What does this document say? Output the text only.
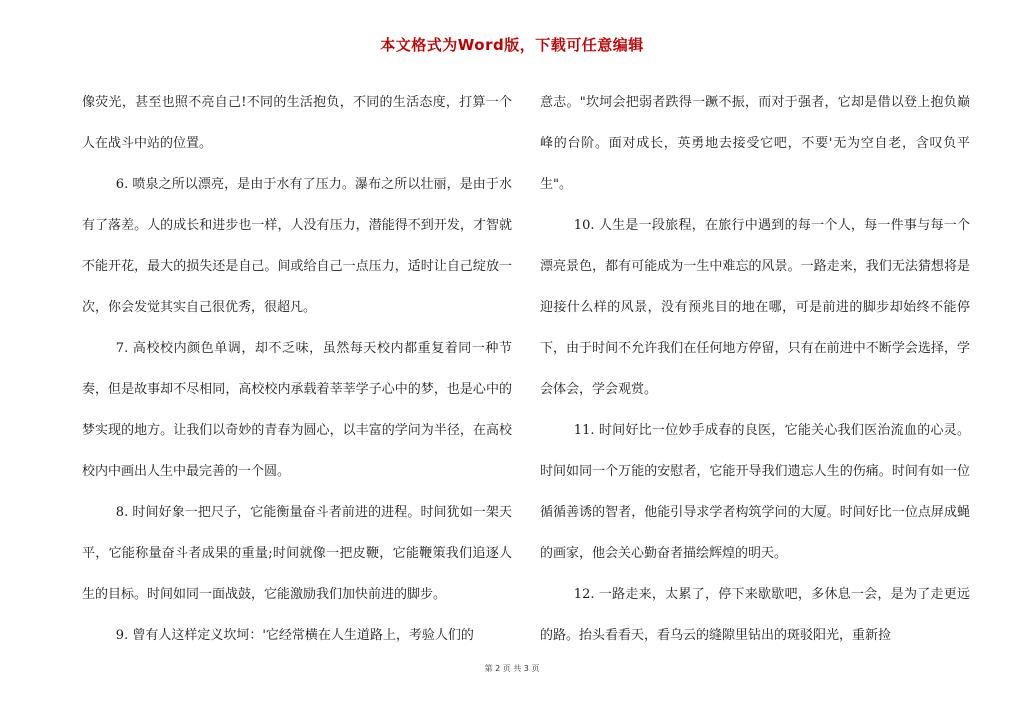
本文格式为Word版，下载可任意编辑

像荧光，甚至也照不亮自己!不同的生活抱负，不同的生活态度，打算一个人在战斗中站的位置。

6. 喷泉之所以漂亮，是由于水有了压力。瀑布之所以壮丽，是由于水有了落差。人的成长和进步也一样，人没有压力，潜能得不到开发，才智就不能开花，最大的损失还是自己。间或给自己一点压力，适时让自己绽放一次，你会发觉其实自己很优秀，很超凡。

7. 高校校内颜色单调，却不乏味，虽然每天校内都重复着同一种节奏，但是故事却不尽相同，高校校内承载着莘莘学子心中的梦，也是心中的梦实现的地方。让我们以奇妙的青春为圆心，以丰富的学问为半径，在高校校内中画出人生中最完善的一个圆。

8. 时间好象一把尺子，它能衡量奋斗者前进的进程。时间犹如一架天平，它能称量奋斗者成果的重量;时间就像一把皮鞭，它能鞭策我们追逐人生的目标。时间如同一面战鼓，它能激励我们加快前进的脚步。

9. 曾有人这样定义坎坷：'它经常横在人生道路上，考验人们的

意志。"坎坷会把弱者跌得一蹶不振，而对于强者，它却是借以登上抱负巅峰的台阶。面对成长，英勇地去接受它吧，不要'无为空自老，含叹负平生"。

10. 人生是一段旅程，在旅行中遇到的每一个人，每一件事与每一个漂亮景色，都有可能成为一生中难忘的风景。一路走来，我们无法猜想将是迎接什么样的风景，没有预兆目的地在哪，可是前进的脚步却始终不能停下，由于时间不允许我们在任何地方停留，只有在前进中不断学会选择，学会体会，学会观赏。

11. 时间好比一位妙手成春的良医，它能关心我们医治流血的心灵。时间如同一个万能的安慰者，它能开导我们遗忘人生的伤痛。时间有如一位循循善诱的智者，他能引导求学者构筑学问的大厦。时间好比一位点屏成蝇的画家，他会关心勤奋者描绘辉煌的明天。

12. 一路走来，太累了，停下来歇歇吧，多休息一会，是为了走更远的路。抬头看看天，看乌云的缝隙里钻出的斑驳阳光，重新捡

第 2 页 共 3 页
